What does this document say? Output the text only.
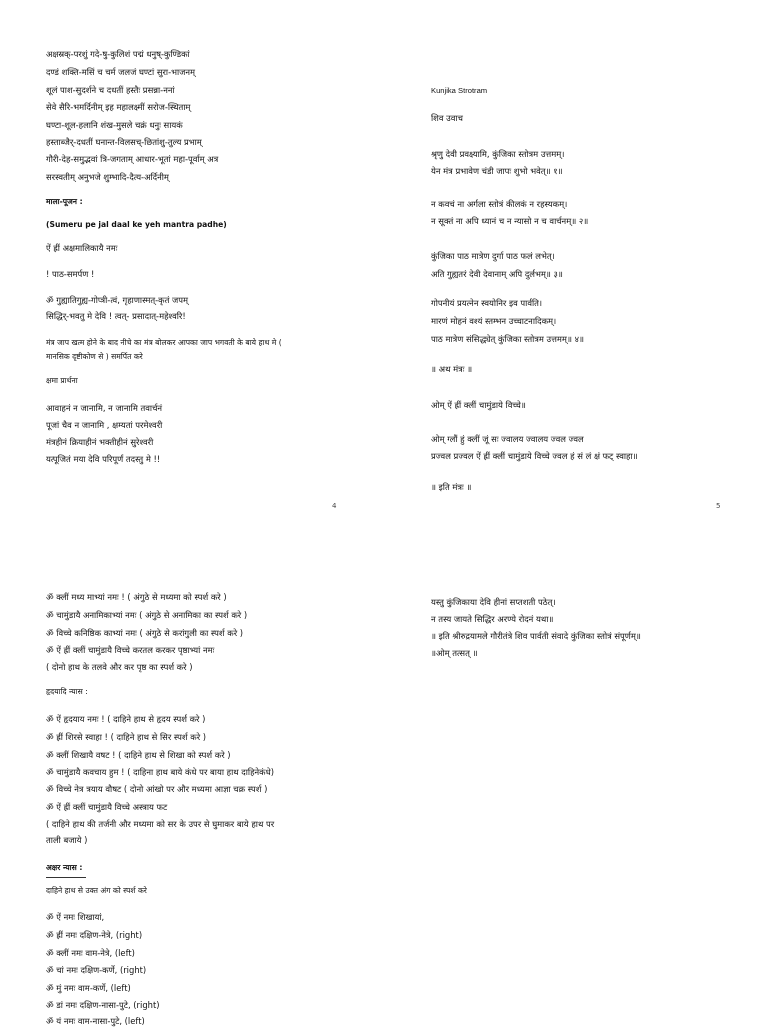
अक्षस्रक्-परशुं गदे-षु-कुलिशं पद्मं धनुष्-कुण्डिकां
दण्डं शक्ति-मसिं च चर्म जलजं घण्टां सुरा-भाजनम्
शूलं पाश-सुदर्शने च दधतीं हस्तैः प्रसन्ना-ननां
सेवे सैरि-भमर्दिनीम् इह महालक्ष्मीं सरोज-स्थिताम्
घण्टा-शूल-हलानि शंख-मुसले चक्रं धनुः सायकं
हस्ताब्जैर्-दधतीं घनान्त-विलसच्-छितांशु-तुल्य प्रभाम्
गौरी-देह-समुद्भवां त्रि-जगताम् आधार-भूतां महा-पूर्वाम् अत्र
सरस्वतीम् अनुभजे शुम्भादि-दैत्य-अर्दिनीम्
माला-पूजन :
(Sumeru pe jal daal ke yeh mantra padhe)
ऐं ह्रीं अक्षमालिकायै नमः
! पाठ-समर्पण !
ॐ गुह्यातिगुह्य-गोप्त्री-त्वं, गृहाणास्मत्-कृतं जपम्
सिद्धिर्-भवतु मे देवि ! त्वत्- प्रसादात्-महेश्वरि!
मंत्र जाप खत्म होने के बाद नीचे का मंत्र बोलकर आपका जाप भगवती के बाये हाथ मे (
मानसिक दृष्टीकोण से ) समर्पित करे
क्षमा प्रार्थना
आवाहनं न जानामि, न जानामि तवार्चनं
पूजां चैव न जानामि , क्षम्यतां परमेश्वरी
मंत्रहीनं क्रियाहीनं भक्तीहीनं सुरेश्वरी
यत्पूजितं मया देवि परिपूर्णं तदस्तु मे !!
4
Kunjika Strotram
शिव उवाच
श्रृणु देवी प्रवक्ष्यामि, कुंजिका स्तोत्रम उत्तमम्।
येन मंत्र प्रभावेण चंडी जापः शुभो भवेत्॥ १॥
न कवचं ना अर्गला स्तोत्रं कीलकं न रहस्यकम्।
न सूक्तं ना अपि ध्यानं च न न्यासो न च वार्चनम्॥ २॥
कुंजिका पाठ मात्रेण दुर्गा पाठ फलं लभेत्।
अति गुह्यतरं देवी देवानाम् अपि दुर्लभम्॥ ३॥
गोपनीयं प्रयत्नेन स्वयोनिर इव पार्वति।
मारणं मोहनं वश्यं स्तम्भन उच्चाटनादिकम्।
पाठ मात्रेण संसिद्ध्येत् कुंजिका स्तोत्रम उत्तमम्॥ ४॥
॥ अथ मंत्रः ॥
ओम् ऐं ह्रीं क्लीं चामुंडाये विच्चे॥
ओम् ग्लौं हुं क्लीं जूं सः ज्वालय ज्वालय ज्वल ज्वल
प्रज्वल प्रज्वल ऐं ह्रीं क्लीं चामुंडाये विच्चे ज्वल हं सं लं क्षं फट् स्वाहा॥
॥ इति मंत्रः ॥
5
ॐ क्लीं मध्य माभ्यां नमः ! ( अंगुठे से मध्यमा को स्पर्श करे )
ॐ चामुंडायै अनामिकाभ्यां नमः ( अंगुठे से अनामिका का स्पर्श करे )
ॐ विच्चे कनिष्ठिक काभ्यां नमः ( अंगुठे से करांगुली का स्पर्श करे )
ॐ ऐं ह्रीं क्लीं चामुंडायै विच्चे करतल करकर पृष्ठाभ्यां नमः
( दोनो हाथ के तलवे और कर पृष्ठ का स्पर्श करे )
हृदयादि न्यास :
ॐ ऐं हृदयाय नमः ! ( दाहिने हाथ से हृदय स्पर्श करे )
ॐ ह्रीं शिरसे स्वाहा ! ( दाहिने हाथ से सिर स्पर्श करे )
ॐ क्लीं शिखायै वषट ! ( दाहिने हाथ से शिखा को स्पर्श करे )
ॐ चामुंडायै कवचाय हुम ! ( दाहिना हाथ बाये कंधे पर बाया हाथ दाहिनेकंधे)
ॐ विच्चे नेत्र त्रयाय वौषट ( दोनो आंखो पर और मध्यमा आज्ञा चक्र स्पर्श )
ॐ ऐं ह्रीं क्लीं चामुंडायै विच्चे अस्त्राय फट
( दाहिने हाथ की तर्जनी और मध्यमा को सर के उपर से घुमाकर बाये हाथ पर
ताली बजाये )
अक्षर न्यास :
दाहिने हाथ से उक्त अंग को स्पर्श करे
ॐ ऐं नमः शिखायां,
ॐ ह्रीं नमः दक्षिण-नेत्रे, (right)
ॐ क्लीं नमः वाम-नेत्रे, (left)
ॐ चां नमः दक्षिण-कर्णे, (right)
ॐ मुं नमः वाम-कर्णे, (left)
ॐ डां नमः दक्षिण-नासा-पुटे, (right)
ॐ यं नमः वाम-नासा-पुटे, (left)
यस्तु कुंजिकाया देवि हीनां सप्तशती पठेत्।
न तस्य जायते सिद्धिर अरण्ये रोदनं यथा॥
॥ इति श्रीरुद्रयामले गौरीतंत्रे शिव पार्वती संवादे कुंजिका स्तोत्रं संपूर्णम्॥
॥ओम् तत्सत् ॥
